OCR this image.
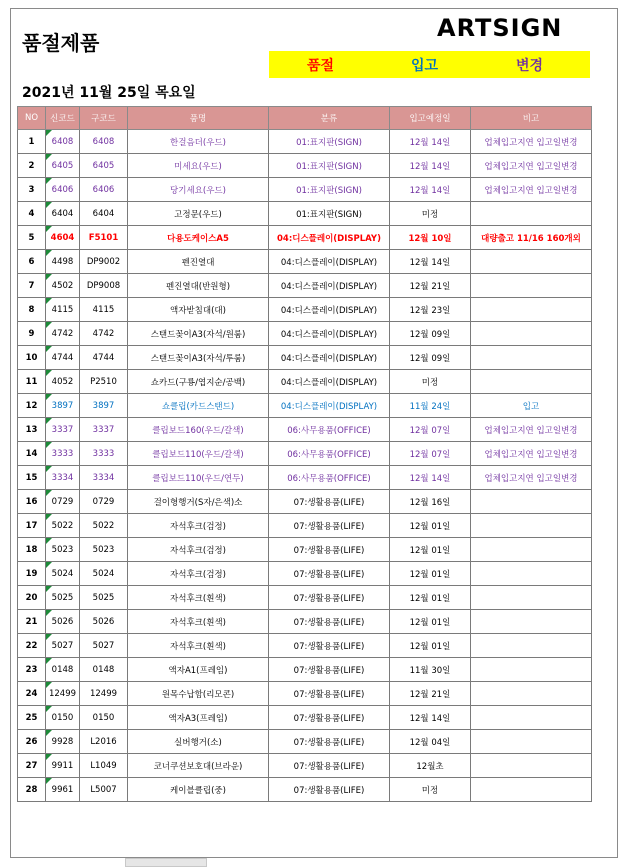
품절제품
ARTSIGN
품절	입고	변경
2021년 11월 25일 목요일
NO	신코드	구코드	품명	분류	입고예정일	비고
1	6408	6408	한걸음더(우드)	01:표지판(SIGN)	12월 14일	업체입고지연 입고일변경
2	6405	6405	미세요(우드)	01:표지판(SIGN)	12월 14일	업체입고지연 입고일변경
3	6406	6406	당기세요(우드)	01:표지판(SIGN)	12월 14일	업체입고지연 입고일변경
4	6404	6404	고정문(우드)	01:표지판(SIGN)	미정	
5	4604	F5101	다용도케이스A5	04:디스플레이(DISPLAY)	12월 10일	대량출고 11/16 160개외
6	4498	DP9002	펜진열대	04:디스플레이(DISPLAY)	12월 14일	
7	4502	DP9008	펜진열대(반원형)	04:디스플레이(DISPLAY)	12월 21일	
8	4115	4115	액자받침대(대)	04:디스플레이(DISPLAY)	12월 23일	
9	4742	4742	스탠드꽂이A3(자석/원룸)	04:디스플레이(DISPLAY)	12월 09일	
10	4744	4744	스탠드꽂이A3(자석/투룸)	04:디스플레이(DISPLAY)	12월 09일	
11	4052	P2510	쇼카드(구룡/엽지순/공백)	04:디스플레이(DISPLAY)	미정	
12	3897	3897	쇼클립(카드스탠드)	04:디스플레이(DISPLAY)	11월 24일	입고
13	3337	3337	클립보드160(우드/갈색)	06:사무용품(OFFICE)	12월 07일	업체입고지연 입고일변경
14	3333	3333	클립보드110(우드/갈색)	06:사무용품(OFFICE)	12월 07일	업체입고지연 입고일변경
15	3334	3334	클립보드110(우드/연두)	06:사무용품(OFFICE)	12월 14일	업체입고지연 입고일변경
16	0729	0729	걸이형행거(S자/은색)소	07:생활용품(LIFE)	12월 16일	
17	5022	5022	자석후크(검정)	07:생활용품(LIFE)	12월 01일	
18	5023	5023	자석후크(검정)	07:생활용품(LIFE)	12월 01일	
19	5024	5024	자석후크(검정)	07:생활용품(LIFE)	12월 01일	
20	5025	5025	자석후크(흰색)	07:생활용품(LIFE)	12월 01일	
21	5026	5026	자석후크(흰색)	07:생활용품(LIFE)	12월 01일	
22	5027	5027	자석후크(흰색)	07:생활용품(LIFE)	12월 01일	
23	0148	0148	액자A1(프레임)	07:생활용품(LIFE)	11월 30일	
24	12499	12499	원목수납함(리모콘)	07:생활용품(LIFE)	12월 21일	
25	0150	0150	액자A3(프레임)	07:생활용품(LIFE)	12월 14일	
26	9928	L2016	실버행거(소)	07:생활용품(LIFE)	12월 04일	
27	9911	L1049	코너쿠션보호대(브라운)	07:생활용품(LIFE)	12월초	
28	9961	L5007	케이블클립(중)	07:생활용품(LIFE)	미정	
